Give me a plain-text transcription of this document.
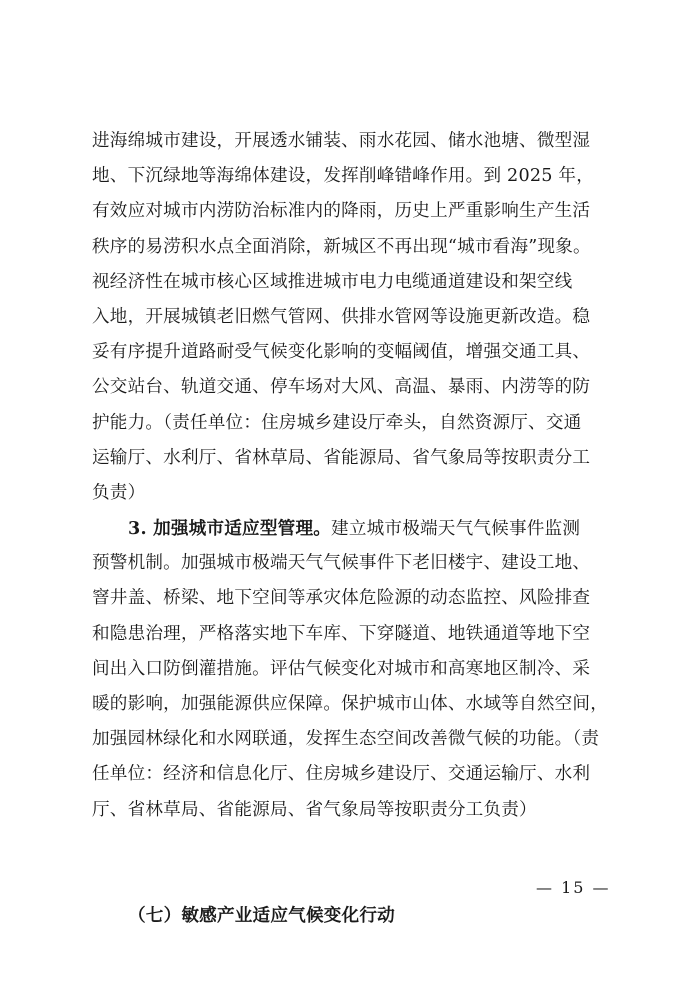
进海绵城市建设，开展透水铺装、雨水花园、储水池塘、微型湿
地、下沉绿地等海绵体建设，发挥削峰错峰作用。到 2025 年，
有效应对城市内涝防治标准内的降雨，历史上严重影响生产生活
秩序的易涝积水点全面消除，新城区不再出现“城市看海”现象。
视经济性在城市核心区域推进城市电力电缆通道建设和架空线
入地，开展城镇老旧燃气管网、供排水管网等设施更新改造。稳
妥有序提升道路耐受气候变化影响的变幅阈值，增强交通工具、
公交站台、轨道交通、停车场对大风、高温、暴雨、内涝等的防
护能力。（责任单位：住房城乡建设厅牵头，自然资源厅、交通
运输厅、水利厅、省林草局、省能源局、省气象局等按职责分工
负责）
3. 加强城市适应型管理。建立城市极端天气气候事件监测
预警机制。加强城市极端天气气候事件下老旧楼宇、建设工地、
窨井盖、桥梁、地下空间等承灾体危险源的动态监控、风险排查
和隐患治理，严格落实地下车库、下穿隧道、地铁通道等地下空
间出入口防倒灌措施。评估气候变化对城市和高寒地区制冷、采
暖的影响，加强能源供应保障。保护城市山体、水域等自然空间，
加强园林绿化和水网联通，发挥生态空间改善微气候的功能。（责
任单位：经济和信息化厅、住房城乡建设厅、交通运输厅、水利
厅、省林草局、省能源局、省气象局等按职责分工负责）
（七）敏感产业适应气候变化行动
— 15 —
